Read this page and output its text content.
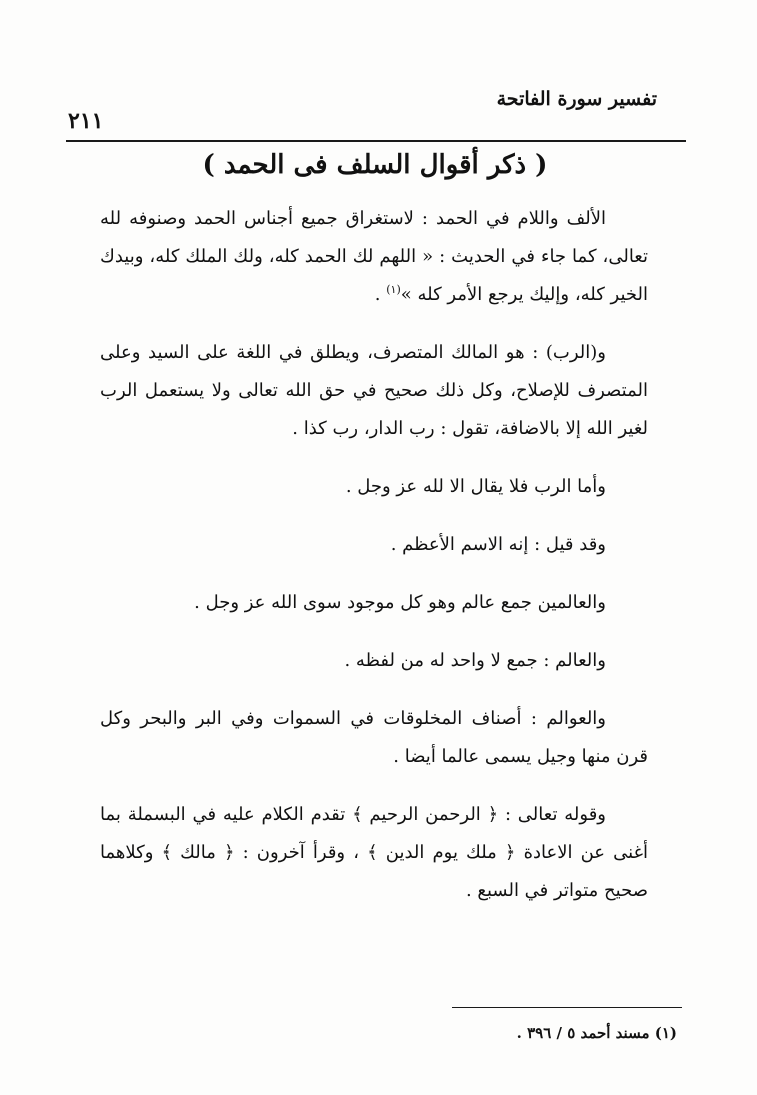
تفسير سورة الفاتحة
٢١١
( ذكر أقوال السلف فى الحمد )

الألف واللام في الحمد : لاستغراق جميع أجناس الحمد وصنوفه لله تعالى، كما جاء في الحديث : « اللهم لك الحمد كله، ولك الملك كله، وبيدك الخير كله، وإليك يرجع الأمر كله »$^{(١)}$ .

و(الرب) : هو المالك المتصرف، ويطلق في اللغة على السيد وعلى المتصرف للإصلاح، وكل ذلك صحيح في حق الله تعالى ولا يستعمل الرب لغير الله إلا بالاضافة، تقول : رب الدار، رب كذا .

وأما الرب فلا يقال الا لله عز وجل .

وقد قيل : إنه الاسم الأعظم .

والعالمين جمع عالم وهو كل موجود سوى الله عز وجل .

والعالم : جمع لا واحد له من لفظه .

والعوالم : أصناف المخلوقات في السموات وفي البر والبحر وكل قرن منها وجيل يسمى عالما أيضا .

وقوله تعالى : ﴿ الرحمن الرحيم ﴾ تقدم الكلام عليه في البسملة بما أغنى عن الاعادة ﴿ ملك يوم الدين ﴾ ، وقرأ آخرون : ﴿ مالك ﴾ وكلاهما صحيح متواتر في السبع .

(١) مسند أحمد ٥ / ٣٩٦ .
